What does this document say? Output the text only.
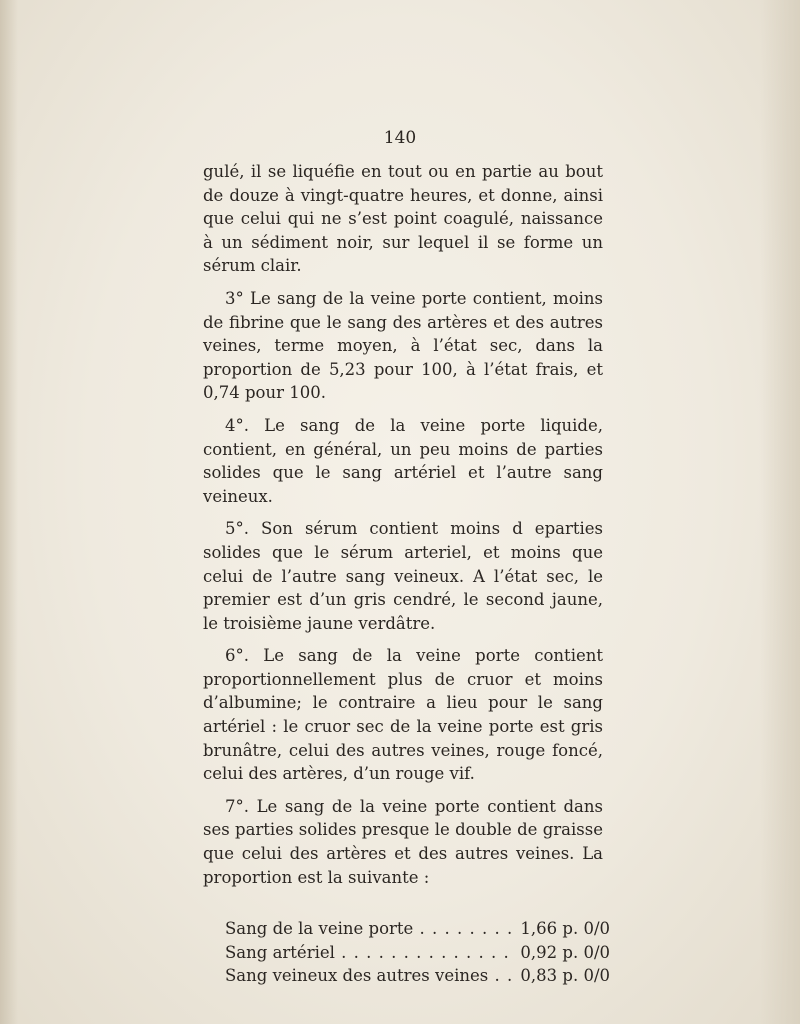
140

gulé, il se liquéfie en tout ou en partie au bout de douze à vingt-quatre heures, et donne, ainsi que celui qui ne s’est point coagulé, naissance à un sédiment noir, sur lequel il se forme un sérum clair.

3° Le sang de la veine porte contient, moins de fibrine que le sang des artères et des autres veines, terme moyen, à l’état sec, dans la proportion de 5,23 pour 100, à l’état frais, et 0,74 pour 100.

4°. Le sang de la veine porte liquide, contient, en général, un peu moins de parties solides que le sang artériel et l’autre sang veineux.

5°. Son sérum contient moins d eparties solides que le sérum arteriel, et moins que celui de l’autre sang veineux. A l’état sec, le premier est d’un gris cendré, le second jaune, le troisième jaune verdâtre.

6°. Le sang de la veine porte contient proportionnellement plus de cruor et moins d’albumine; le contraire a lieu pour le sang artériel : le cruor sec de la veine porte est gris brunâtre, celui des autres veines, rouge foncé, celui des artères, d’un rouge vif.

7°. Le sang de la veine porte contient dans ses parties solides presque le double de graisse que celui des artères et des autres veines. La proportion est la suivante :

Sang de la veine porte . . .	1,66 p. 0/0
Sang artériel . . .	0,92 p. 0/0
Sang veineux des autres veines . . .	0,83 p. 0/0
